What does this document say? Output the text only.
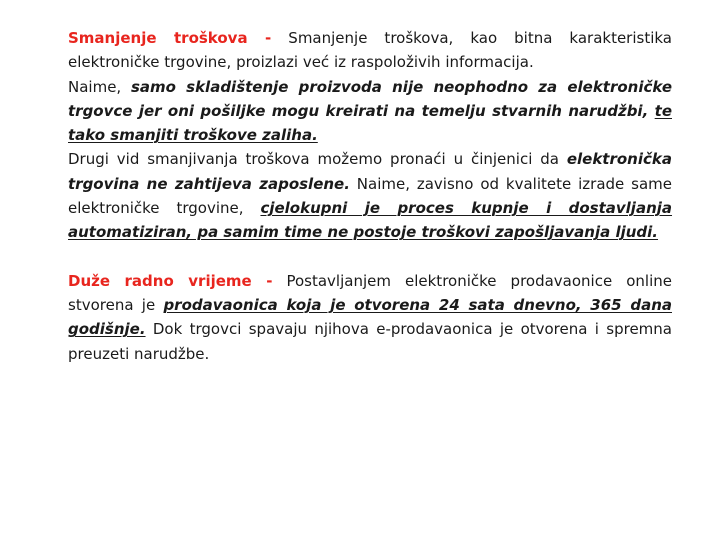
Smanjenje troškova - Smanjenje troškova, kao bitna karakteristika elektroničke trgovine, proizlazi već iz raspoloživih informacija.

Naime, samo skladištenje proizvoda nije neophodno za elektroničke trgovce jer oni pošiljke mogu kreirati na temelju stvarnih narudžbi, te tako smanjiti troškove zaliha.

Drugi vid smanjivanja troškova možemo pronaći u činjenici da elektronička trgovina ne zahtijeva zaposlene. Naime, zavisno od kvalitete izrade same elektroničke trgovine, cjelokupni je proces kupnje i dostavljanja automatiziran, pa samim time ne postoje troškovi zapošljavanja ljudi.

Duže radno vrijeme - Postavljanjem elektroničke prodavaonice online stvorena je prodavaonica koja je otvorena 24 sata dnevno, 365 dana godišnje. Dok trgovci spavaju njihova e-prodavaonica je otvorena i spremna preuzeti narudžbe.
